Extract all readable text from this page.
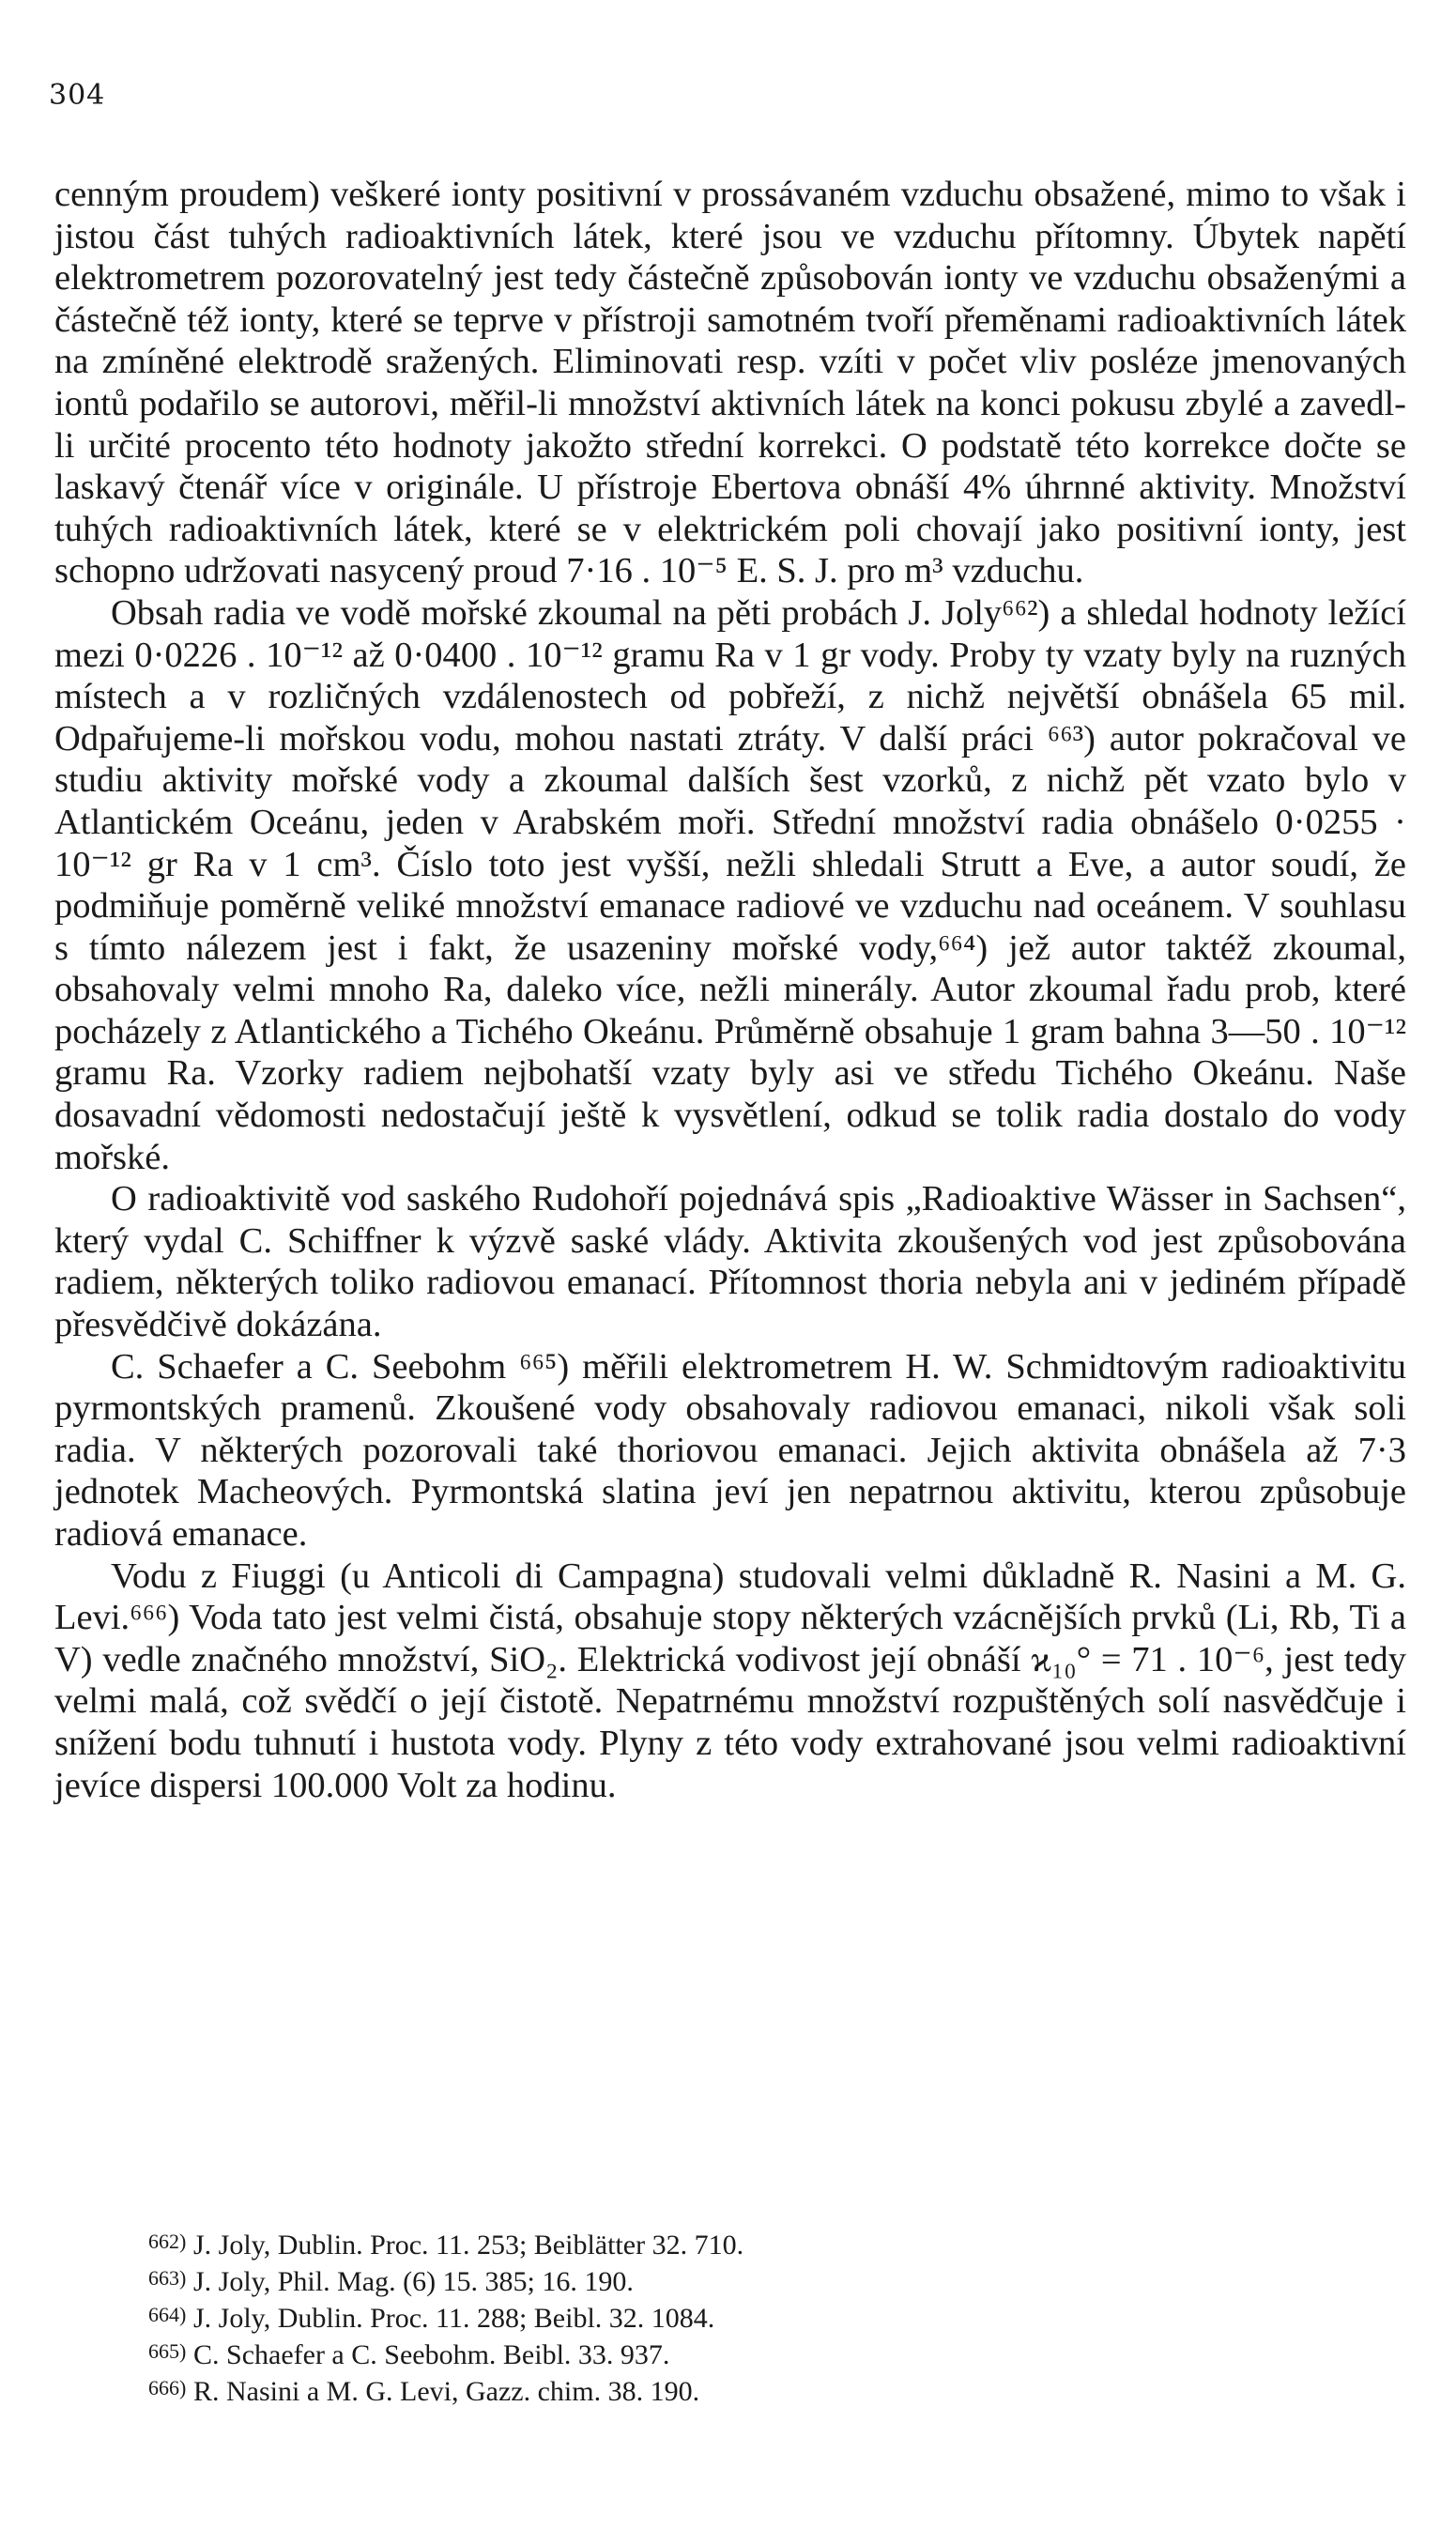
304

cenným proudem) veškeré ionty positivní v prossávaném vzduchu obsažené, mimo to však i jistou část tuhých radioaktivních látek, které jsou ve vzduchu přítomny. Úbytek napětí elektrometrem pozorovatelný jest tedy částečně způsobován ionty ve vzduchu obsaženými a částečně též ionty, které se teprve v přístroji samotném tvoří přeměnami radioaktivních látek na zmíněné elektrodě sražených. Eliminovati resp. vzíti v počet vliv posléze jmenovaných iontů podařilo se autorovi, měřil-li množství aktivních látek na konci pokusu zbylé a zavedl-li určité procento této hodnoty jakožto střední korrekci. O podstatě této korrekce dočte se laskavý čtenář více v originále. U přístroje Ebertova obnáší 4% úhrnné aktivity. Množství tuhých radioaktivních látek, které se v elektrickém poli chovají jako positivní ionty, jest schopno udržovati nasycený proud 7·16 . 10⁻⁵ E. S. J. pro m³ vzduchu.

Obsah radia ve vodě mořské zkoumal na pěti probách J. Joly⁶⁶²) a shledal hodnoty ležící mezi 0·0226 . 10⁻¹² až 0·0400 . 10⁻¹² gramu Ra v 1 gr vody. Proby ty vzaty byly na ruzných místech a v rozličných vzdálenostech od pobřeží, z nichž největší obnášela 65 mil. Odpařujeme-li mořskou vodu, mohou nastati ztráty. V další práci ⁶⁶³) autor pokračoval ve studiu aktivity mořské vody a zkoumal dalších šest vzorků, z nichž pět vzato bylo v Atlantickém Oceánu, jeden v Arabském moři. Střední množství radia obnášelo 0·0255 · 10⁻¹² gr Ra v 1 cm³. Číslo toto jest vyšší, nežli shledali Strutt a Eve, a autor soudí, že podmiňuje poměrně veliké množství emanace radiové ve vzduchu nad oceánem. V souhlasu s tímto nálezem jest i fakt, že usazeniny mořské vody,⁶⁶⁴) jež autor taktéž zkoumal, obsahovaly velmi mnoho Ra, daleko více, nežli minerály. Autor zkoumal řadu prob, které pocházely z Atlantického a Tichého Okeánu. Průměrně obsahuje 1 gram bahna 3—50 . 10⁻¹² gramu Ra. Vzorky radiem nejbohatší vzaty byly asi ve středu Tichého Okeánu. Naše dosavadní vědomosti nedostačují ještě k vysvětlení, odkud se tolik radia dostalo do vody mořské.

O radioaktivitě vod saského Rudohoří pojednává spis „Radioaktive Wässer in Sachsen“, který vydal C. Schiffner k výzvě saské vlády. Aktivita zkoušených vod jest způsobována radiem, některých toliko radiovou emanací. Přítomnost thoria nebyla ani v jediném případě přesvědčivě dokázána.

C. Schaefer a C. Seebohm ⁶⁶⁵) měřili elektrometrem H. W. Schmidtovým radioaktivitu pyrmontských pramenů. Zkoušené vody obsahovaly radiovou emanaci, nikoli však soli radia. V některých pozorovali také thoriovou emanaci. Jejich aktivita obnášela až 7·3 jednotek Macheových. Pyrmontská slatina jeví jen nepatrnou aktivitu, kterou způsobuje radiová emanace.

Vodu z Fiuggi (u Anticoli di Campagna) studovali velmi důkladně R. Nasini a M. G. Levi.⁶⁶⁶) Voda tato jest velmi čistá, obsahuje stopy některých vzácnějších prvků (Li, Rb, Ti a V) vedle značného množství, SiO₂. Elektrická vodivost její obnáší ϰ₁₀° = 71 . 10⁻⁶, jest tedy velmi malá, což svědčí o její čistotě. Nepatrnému množství rozpuštěných solí nasvědčuje i snížení bodu tuhnutí i hustota vody. Plyny z této vody extrahované jsou velmi radioaktivní jevíce dispersi 100.000 Volt za hodinu.

662) J. Joly, Dublin. Proc. 11. 253; Beiblätter 32. 710.
663) J. Joly, Phil. Mag. (6) 15. 385; 16. 190.
664) J. Joly, Dublin. Proc. 11. 288; Beibl. 32. 1084.
665) C. Schaefer a C. Seebohm. Beibl. 33. 937.
666) R. Nasini a M. G. Levi, Gazz. chim. 38. 190.
